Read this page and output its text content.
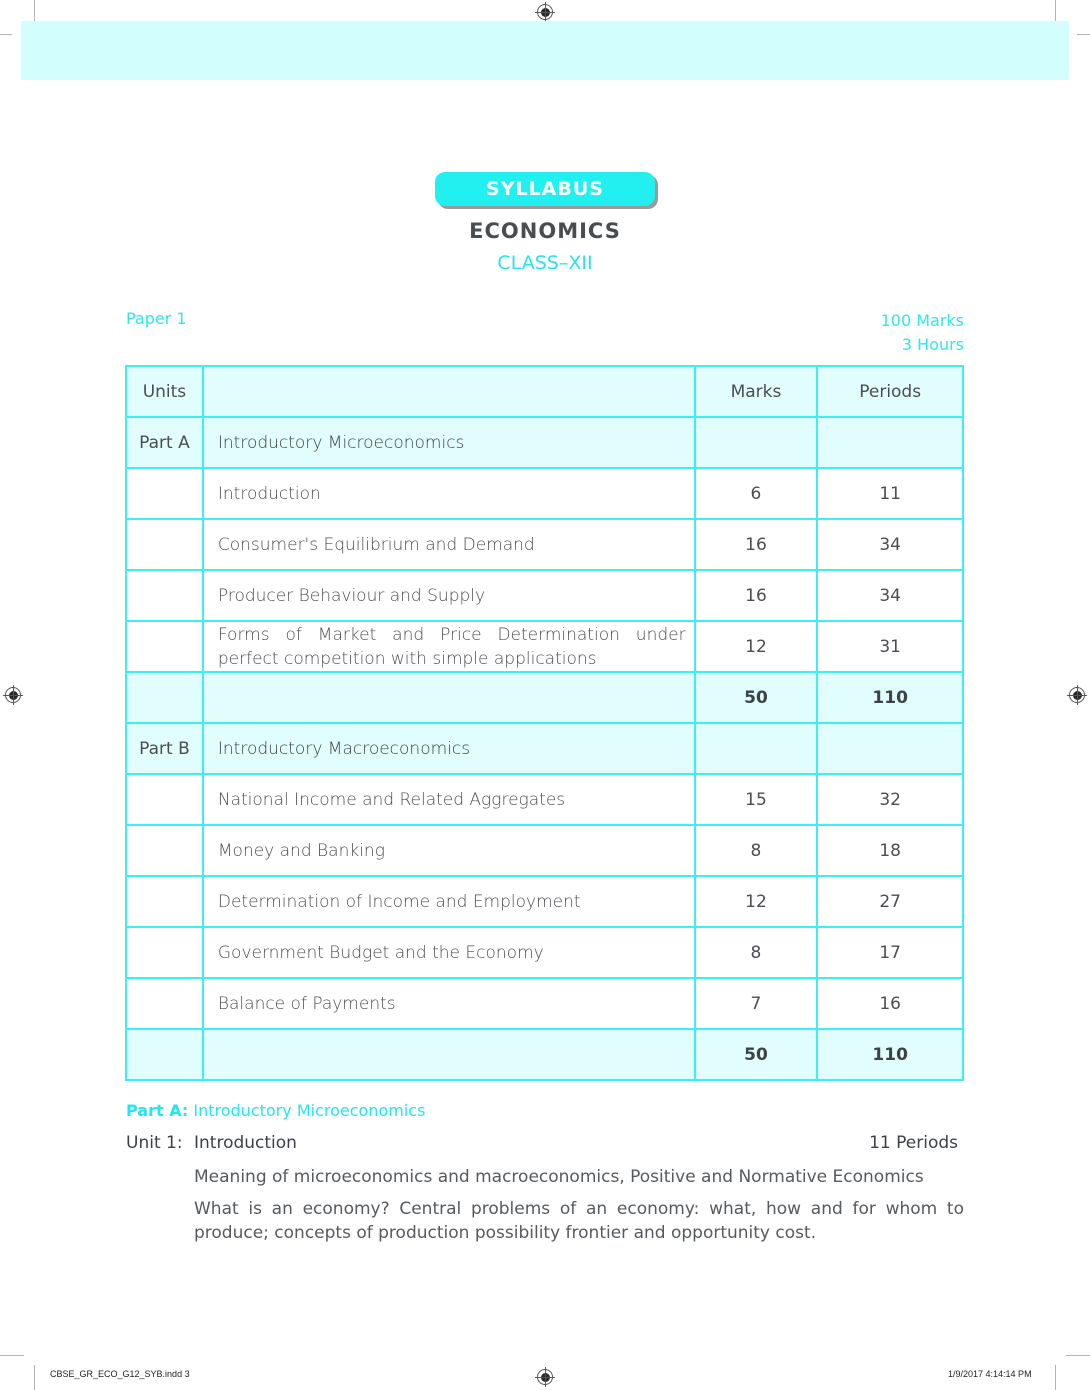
SYLLABUS
ECONOMICS
CLASS–XII
Paper 1	100 Marks
3 Hours
Units		Marks	Periods
Part A	Introductory Microeconomics		
	Introduction	6	11
	Consumer's Equilibrium and Demand	16	34
	Producer Behaviour and Supply	16	34

	Forms of Market and Price Determination under perfect competition with simple applications	12	31
		50	110
Part B	Introductory Macroeconomics		
	National Income and Related Aggregates	15	32
	Money and Banking	8	18
	Determination of Income and Employment	12	27
	Government Budget and the Economy	8	17
	Balance of Payments	7	16
		50	110
Part A: Introductory Microeconomics
Unit 1: Introduction	11 Periods

Meaning of microeconomics and macroeconomics, Positive and Normative Economics

What is an economy? Central problems of an economy: what, how and for whom to produce; concepts of production possibility frontier and opportunity cost.

CBSE_GR_ECO_G12_SYB.indd 3	1/9/2017 4:14:14 PM
